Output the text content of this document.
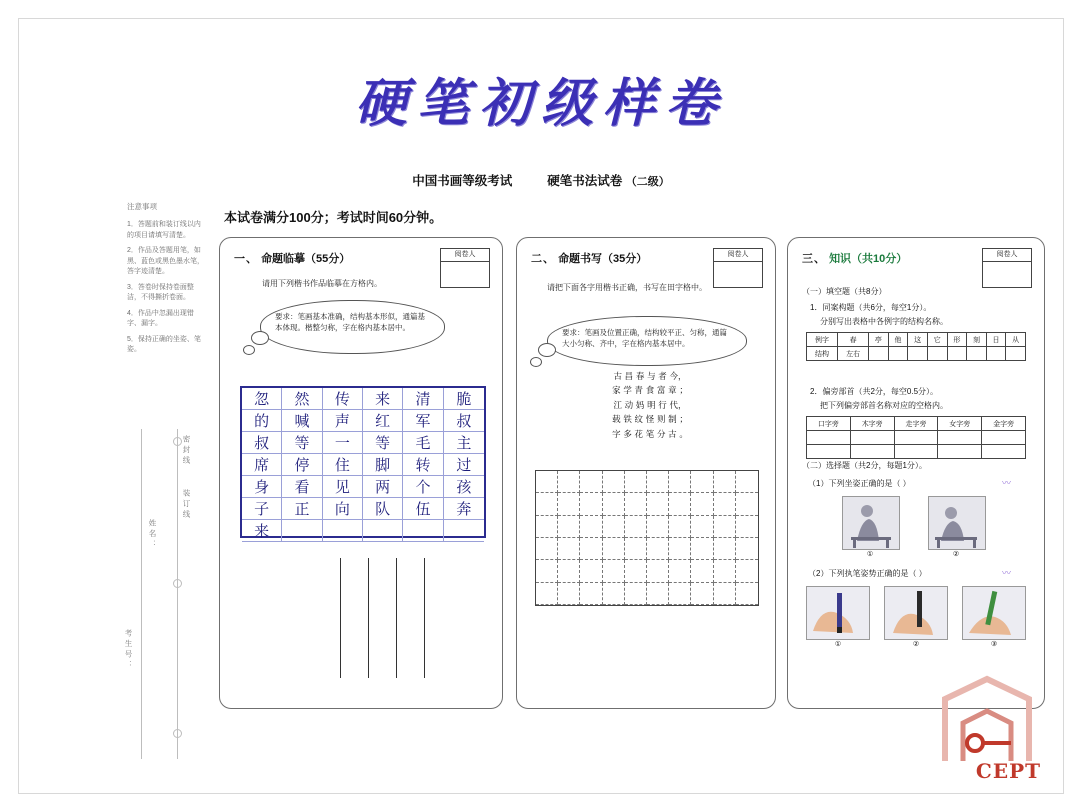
硬笔初级样卷
中国书画等级考试	硬笔书法试卷 （二级）
本试卷满分100分；考试时间60分钟。
注意事项

1．答题前和装订线以内的项目请填写清楚。

2．作品及答题用笔，如黑、蓝色或黑色墨水笔，答字迹清楚。

3．答卷时保持卷面整洁，不得撕折卷面。

4．作品中忽漏出现错字、漏字。

5．保持正确的坐姿、笔姿。

密封线
装订线
姓名：
考生号：
一、 命题临摹（55分）	阅卷人
请用下列楷书作品临摹在方格内。
要求：笔画基本准确，结构基本形似，通篇基本体现。楷整匀称，字在格内基本居中。
忽	然	传	来	清	脆
的	喊	声	红	军	叔
叔	等	一	等	毛	主
席	停	住	脚	转	过
身	看	见	两	个	孩
子	正	向	队	伍	奔
来
二、 命题书写（35分）	阅卷人
请把下面各字用楷书正确，书写在田字格中。
要求：笔画及位置正确，结构较平正、匀称，通篇大小匀称、齐中，字在格内基本居中。
古 昌 春 与 者 今，
家 学 青 食 富 章 ；
江 动 妈 明 行 代，
载 铁 纹 怪 则 制 ；
字 多 花 笔 分 古 。
三、 知识（共10分）	阅卷人
（一）填空题（共8分）
1．同案构题（共6分，每空1分）。
分别写出表格中各例字的结构名称。
例字	春	亭	他	这	它	形	刻	日	从
结构	左右								
2．偏旁部首（共2分，每空0.5分）。
把下列偏旁部首名称对应的空格内。
口字旁	木字旁	走字旁	女字旁	金字旁

（二）选择题（共2分，每题1分）。
（1）下列坐姿正确的是（ ）	〰
①	②
（2）下列执笔姿势正确的是（ ）	〰
①	②	③
CEPT
